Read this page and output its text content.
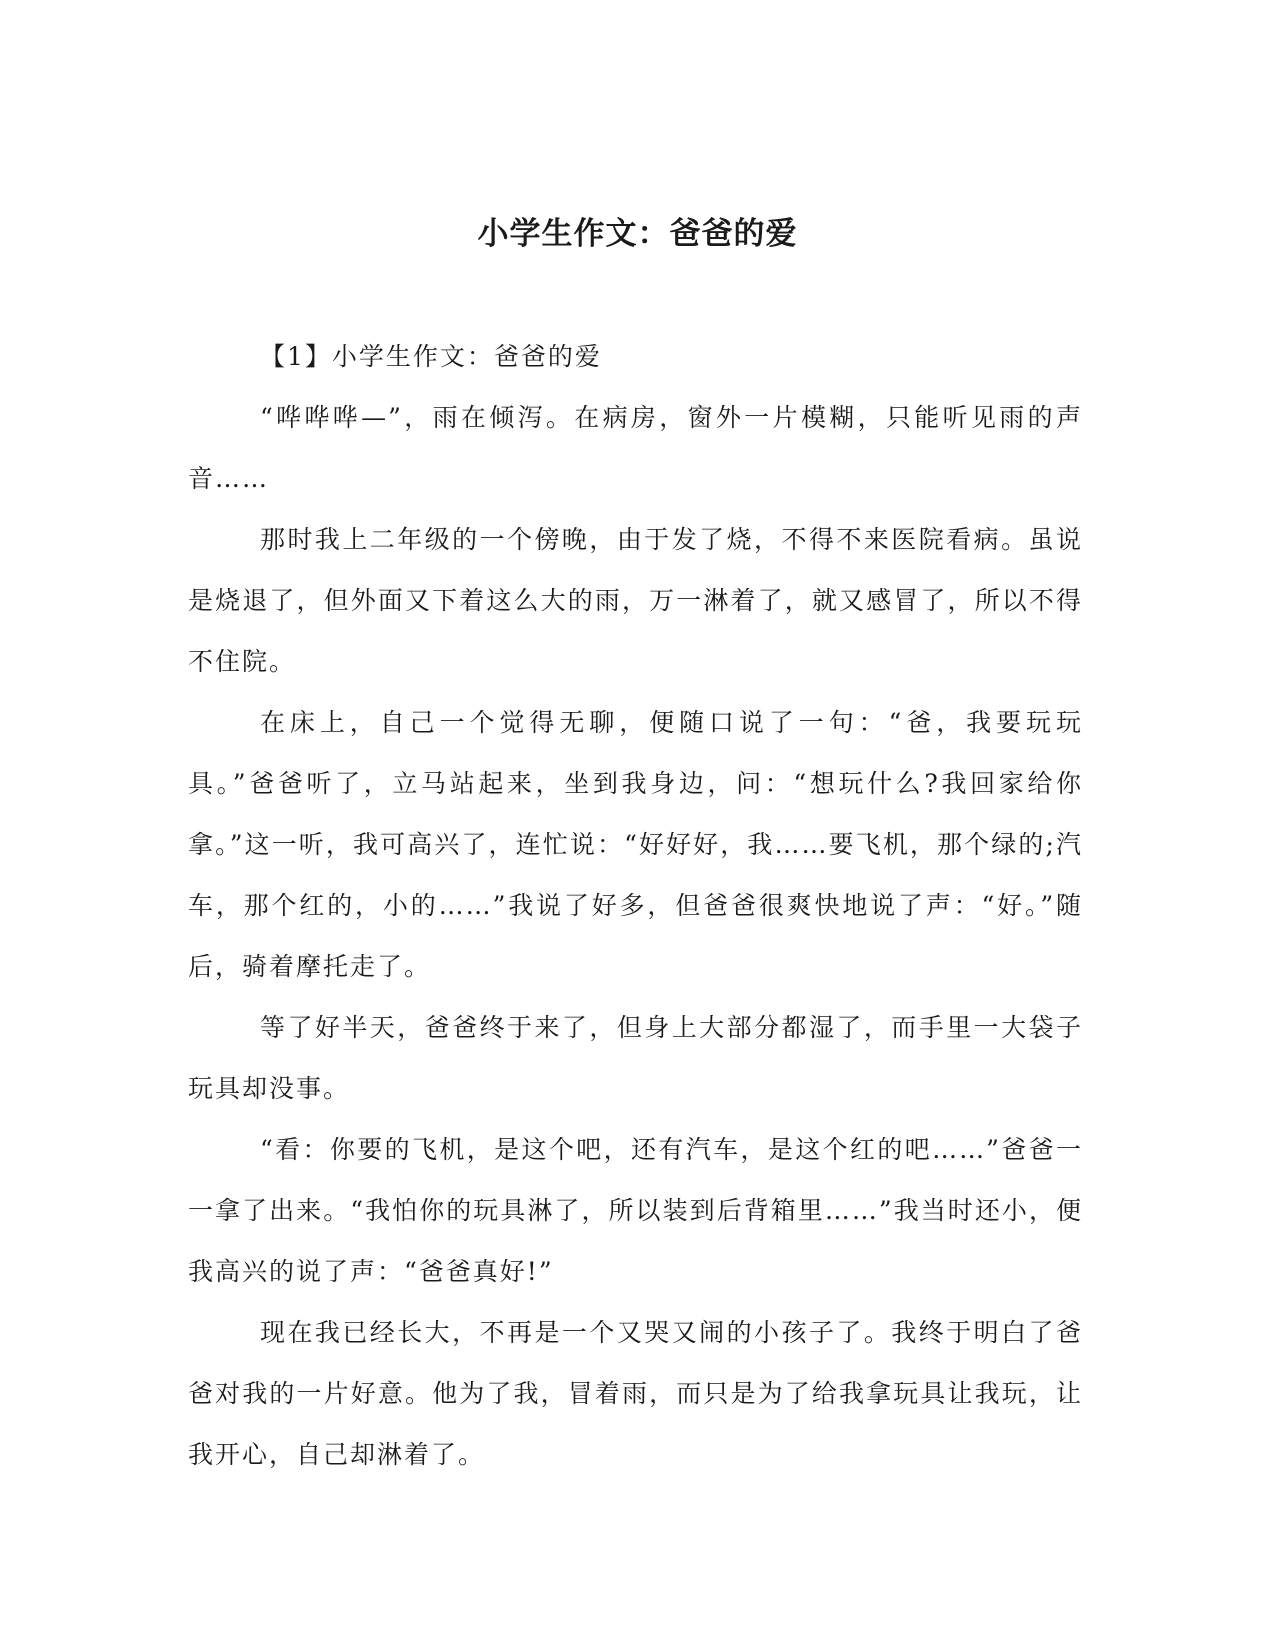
小学生作文：爸爸的爱

【1】小学生作文：爸爸的爱

“哗哗哗—”，雨在倾泻。在病房，窗外一片模糊，只能听见雨的声音……

那时我上二年级的一个傍晚，由于发了烧，不得不来医院看病。虽说是烧退了，但外面又下着这么大的雨，万一淋着了，就又感冒了，所以不得不住院。

在床上，自己一个觉得无聊，便随口说了一句：“爸，我要玩玩具。”爸爸听了，立马站起来，坐到我身边，问：“想玩什么?我回家给你拿。”这一听，我可高兴了，连忙说：“好好好，我……要飞机，那个绿的;汽车，那个红的，小的……”我说了好多，但爸爸很爽快地说了声：“好。”随后，骑着摩托走了。

等了好半天，爸爸终于来了，但身上大部分都湿了，而手里一大袋子玩具却没事。

“看：你要的飞机，是这个吧，还有汽车，是这个红的吧……”爸爸一一拿了出来。“我怕你的玩具淋了，所以装到后背箱里……”我当时还小，便我高兴的说了声：“爸爸真好!”

现在我已经长大，不再是一个又哭又闹的小孩子了。我终于明白了爸爸对我的一片好意。他为了我，冒着雨，而只是为了给我拿玩具让我玩，让我开心，自己却淋着了。
